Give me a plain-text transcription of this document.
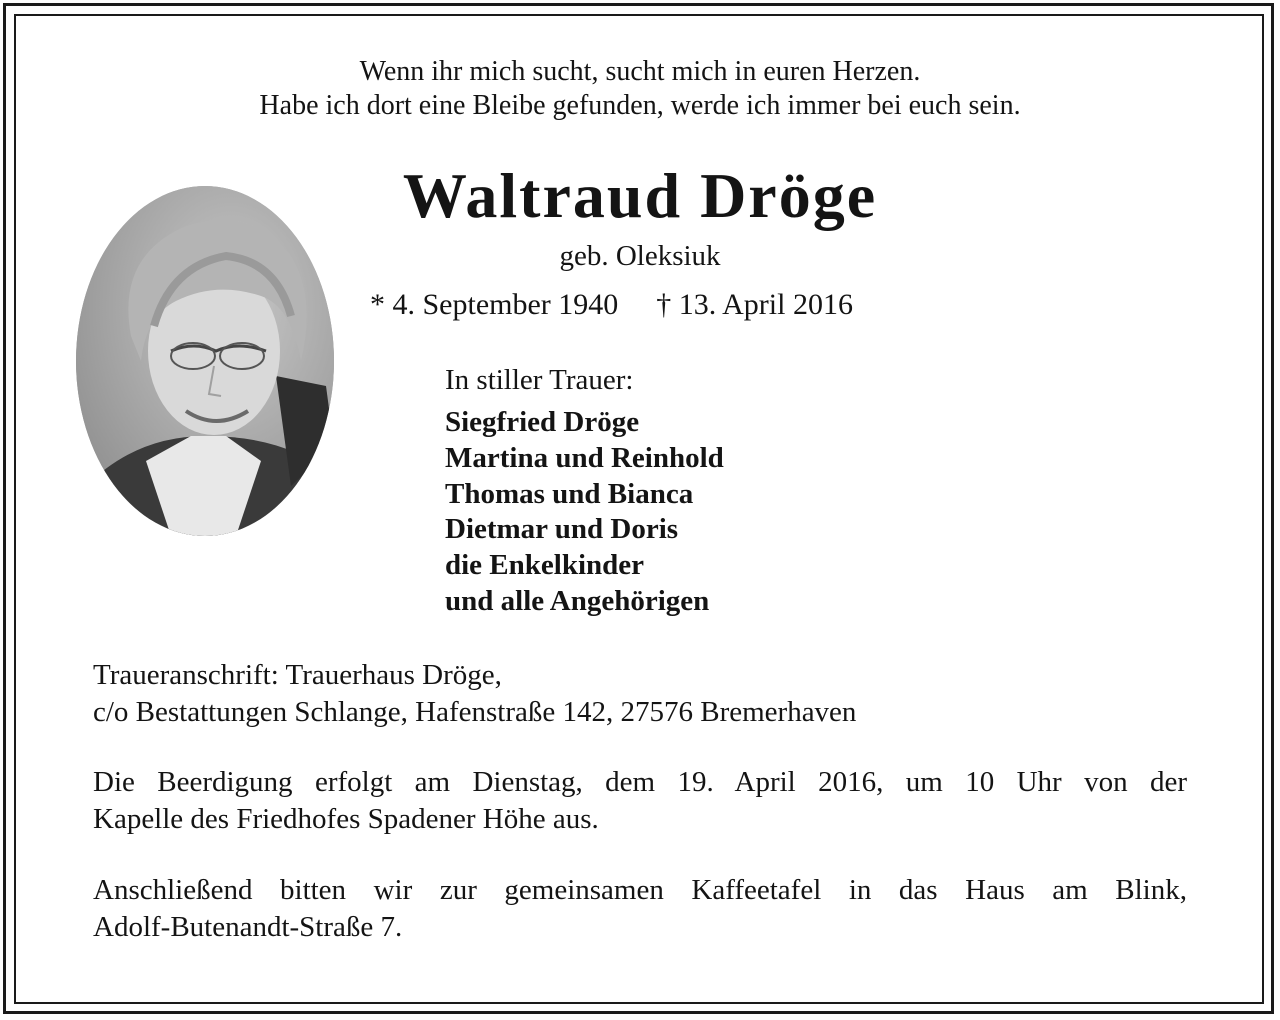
Wenn ihr mich sucht, sucht mich in euren Herzen.
Habe ich dort eine Bleibe gefunden, werde ich immer bei euch sein.
Waltraud Dröge
geb. Oleksiuk
* 4. September 1940 † 13. April 2016
In stiller Trauer:
Siegfried Dröge
Martina und Reinhold
Thomas und Bianca
Dietmar und Doris
die Enkelkinder
und alle Angehörigen
Traueranschrift: Trauerhaus Dröge,
c/o Bestattungen Schlange, Hafenstraße 142, 27576 Bremerhaven
Die Beerdigung erfolgt am Dienstag, dem 19. April 2016, um 10 Uhr von der
Kapelle des Friedhofes Spadener Höhe aus.
Anschließend bitten wir zur gemeinsamen Kaffeetafel in das Haus am Blink,
Adolf-Butenandt-Straße 7.
